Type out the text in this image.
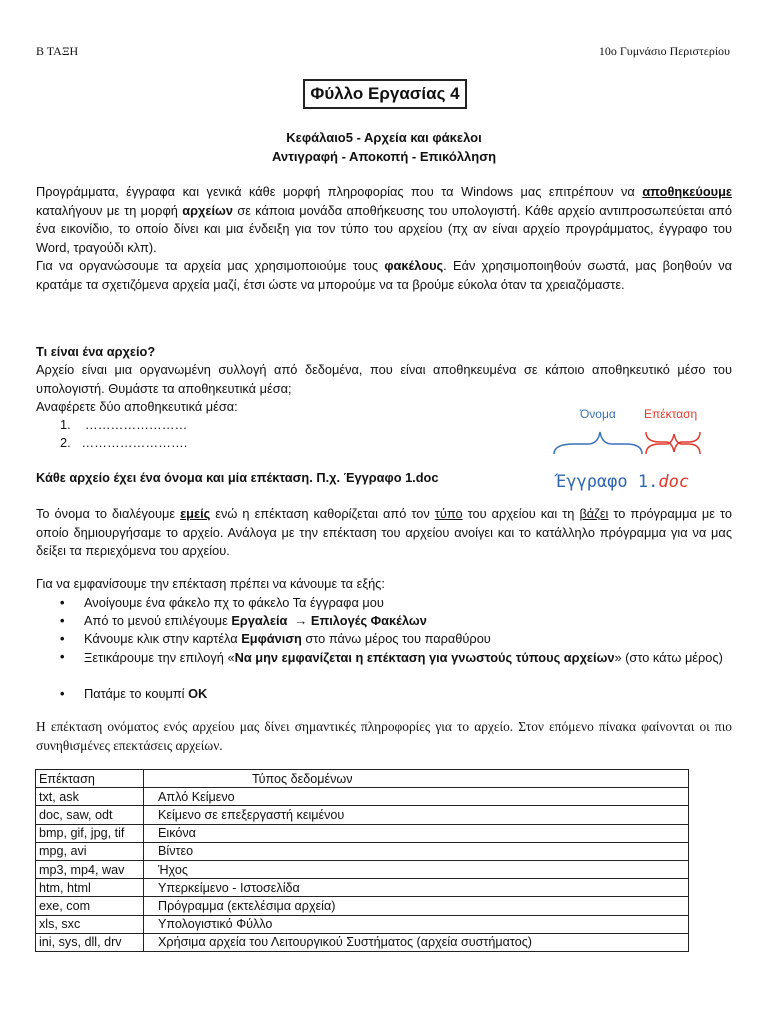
Β ΤΑΞΗ	10ο Γυμνάσιο Περιστερίου
Φύλλο Εργασίας 4
Κεφάλαιο5 - Αρχεία και φάκελοι
Αντιγραφή - Αποκοπή - Επικόλληση

Προγράμματα, έγγραφα και γενικά κάθε μορφή πληροφορίας που τα Windows μας επιτρέπουν να αποθηκεύουμε καταλήγουν με τη μορφή αρχείων σε κάποια μονάδα αποθήκευσης του υπολογιστή. Κάθε αρχείο αντιπροσωπεύεται από ένα εικονίδιο, το οποίο δίνει και μια ένδειξη για τον τύπο του αρχείου (πχ αν είναι αρχείο προγράμματος, έγγραφο του Word, τραγούδι κλπ).

Για να οργανώσουμε τα αρχεία μας χρησιμοποιούμε τους φακέλους. Εάν χρησιμοποιηθούν σωστά, μας βοηθούν να κρατάμε τα σχετιζόμενα αρχεία μαζί, έτσι ώστε να μπορούμε να τα βρούμε εύκολα όταν τα χρειαζόμαστε.

Τι είναι ένα αρχείο?

Αρχείο είναι μια οργανωμένη συλλογή από δεδομένα, που είναι αποθηκευμένα σε κάποιο αποθηκευτικό μέσο του υπολογιστή. Θυμάστε τα αποθηκευτικά μέσα;

Αναφέρετε δύο αποθηκευτικά μέσα:
1. ……………………
2. …………………….
Κάθε αρχείο έχει ένα όνομα και μία επέκταση. Π.χ. Έγγραφο 1.doc
Όνομα Επέκταση
Έγγραφο 1.doc

Το όνομα το διαλέγουμε εμείς ενώ η επέκταση καθορίζεται από τον τύπο του αρχείου και τη βάζει το πρόγραμμα με το οποίο δημιουργήσαμε το αρχείο. Ανάλογα με την επέκταση του αρχείου ανοίγει και το κατάλληλο πρόγραμμα για να μας δείξει τα περιεχόμενα του αρχείου.

Για να εμφανίσουμε την επέκταση πρέπει να κάνουμε τα εξής:
• Ανοίγουμε ένα φάκελο πχ το φάκελο Τα έγγραφα μου
• Από το μενού επιλέγουμε Εργαλεία → Επιλογές Φακέλων
• Κάνουμε κλικ στην καρτέλα Εμφάνιση στο πάνω μέρος του παραθύρου
• Ξετικάρουμε την επιλογή «Να μην εμφανίζεται η επέκταση για γνωστούς τύπους αρχείων» (στο κάτω μέρος)
• Πατάμε το κουμπί OK

Η επέκταση ονόματος ενός αρχείου μας δίνει σημαντικές πληροφορίες για το αρχείο. Στον επόμενο πίνακα φαίνονται οι πιο συνηθισμένες επεκτάσεις αρχείων.

Επέκταση	Τύπος δεδομένων
txt, ask	Απλό Κείμενο
doc, saw, odt	Κείμενο σε επεξεργαστή κειμένου
bmp, gif, jpg, tif	Εικόνα
mpg, avi	Βίντεο
mp3, mp4, wav	Ήχος
htm, html	Υπερκείμενο - Ιστοσελίδα
exe, com	Πρόγραμμα (εκτελέσιμα αρχεία)
xls, sxc	Υπολογιστικό Φύλλο
ini, sys, dll, drv	Χρήσιμα αρχεία του Λειτουργικού Συστήματος (αρχεία συστήματος)
